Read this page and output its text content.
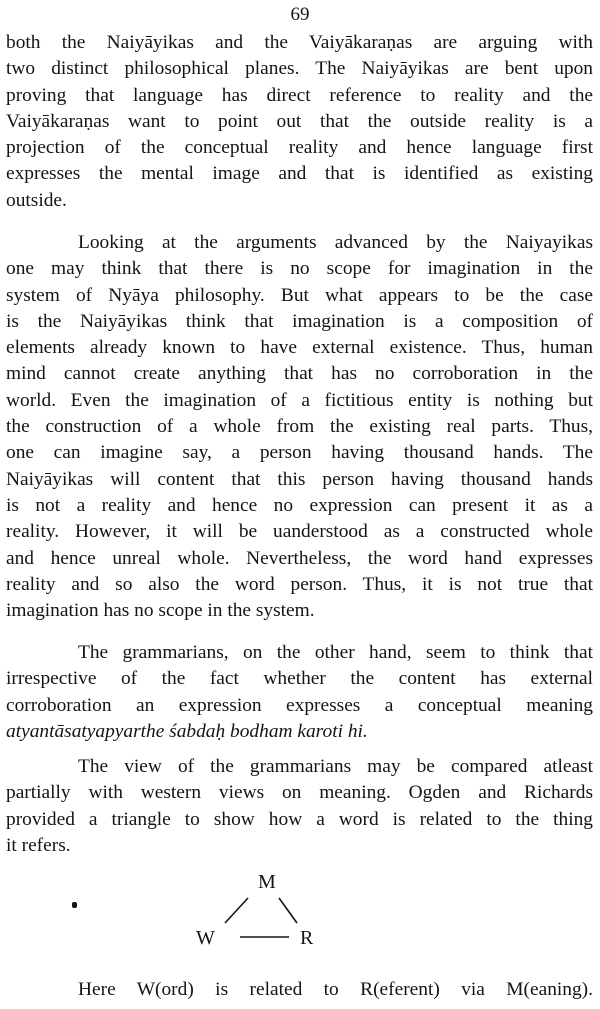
69
both the Naiyāyikas and the Vaiyākaraṇas are arguing with
two distinct philosophical planes. The Naiyāyikas are bent upon
proving that language has direct reference to reality and the
Vaiyākaraṇas want to point out that the outside reality is a
projection of the conceptual reality and hence language first
expresses the mental image and that is identified as existing
outside.
Looking at the arguments advanced by the Naiyayikas
one may think that there is no scope for imagination in the
system of Nyāya philosophy. But what appears to be the case
is the Naiyāyikas think that imagination is a composition of
elements already known to have external existence. Thus, human
mind cannot create anything that has no corroboration in the
world. Even the imagination of a fictitious entity is nothing but
the construction of a whole from the existing real parts. Thus,
one can imagine say, a person having thousand hands. The
Naiyāyikas will content that this person having thousand hands
is not a reality and hence no expression can present it as a
reality. However, it will be uanderstood as a constructed whole
and hence unreal whole. Nevertheless, the word hand expresses
reality and so also the word person. Thus, it is not true that
imagination has no scope in the system.
The grammarians, on the other hand, seem to think that
irrespective of the fact whether the content has external
corroboration an expression expresses a conceptual meaning
atyantāsatyapyarthe śabdaḥ bodham karoti hi.
The view of the grammarians may be compared atleast
partially with western views on meaning. Ogden and Richards
provided a triangle to show how a word is related to the thing
it refers.
M
W	R
Here W(ord) is related to R(eferent) via M(eaning).
